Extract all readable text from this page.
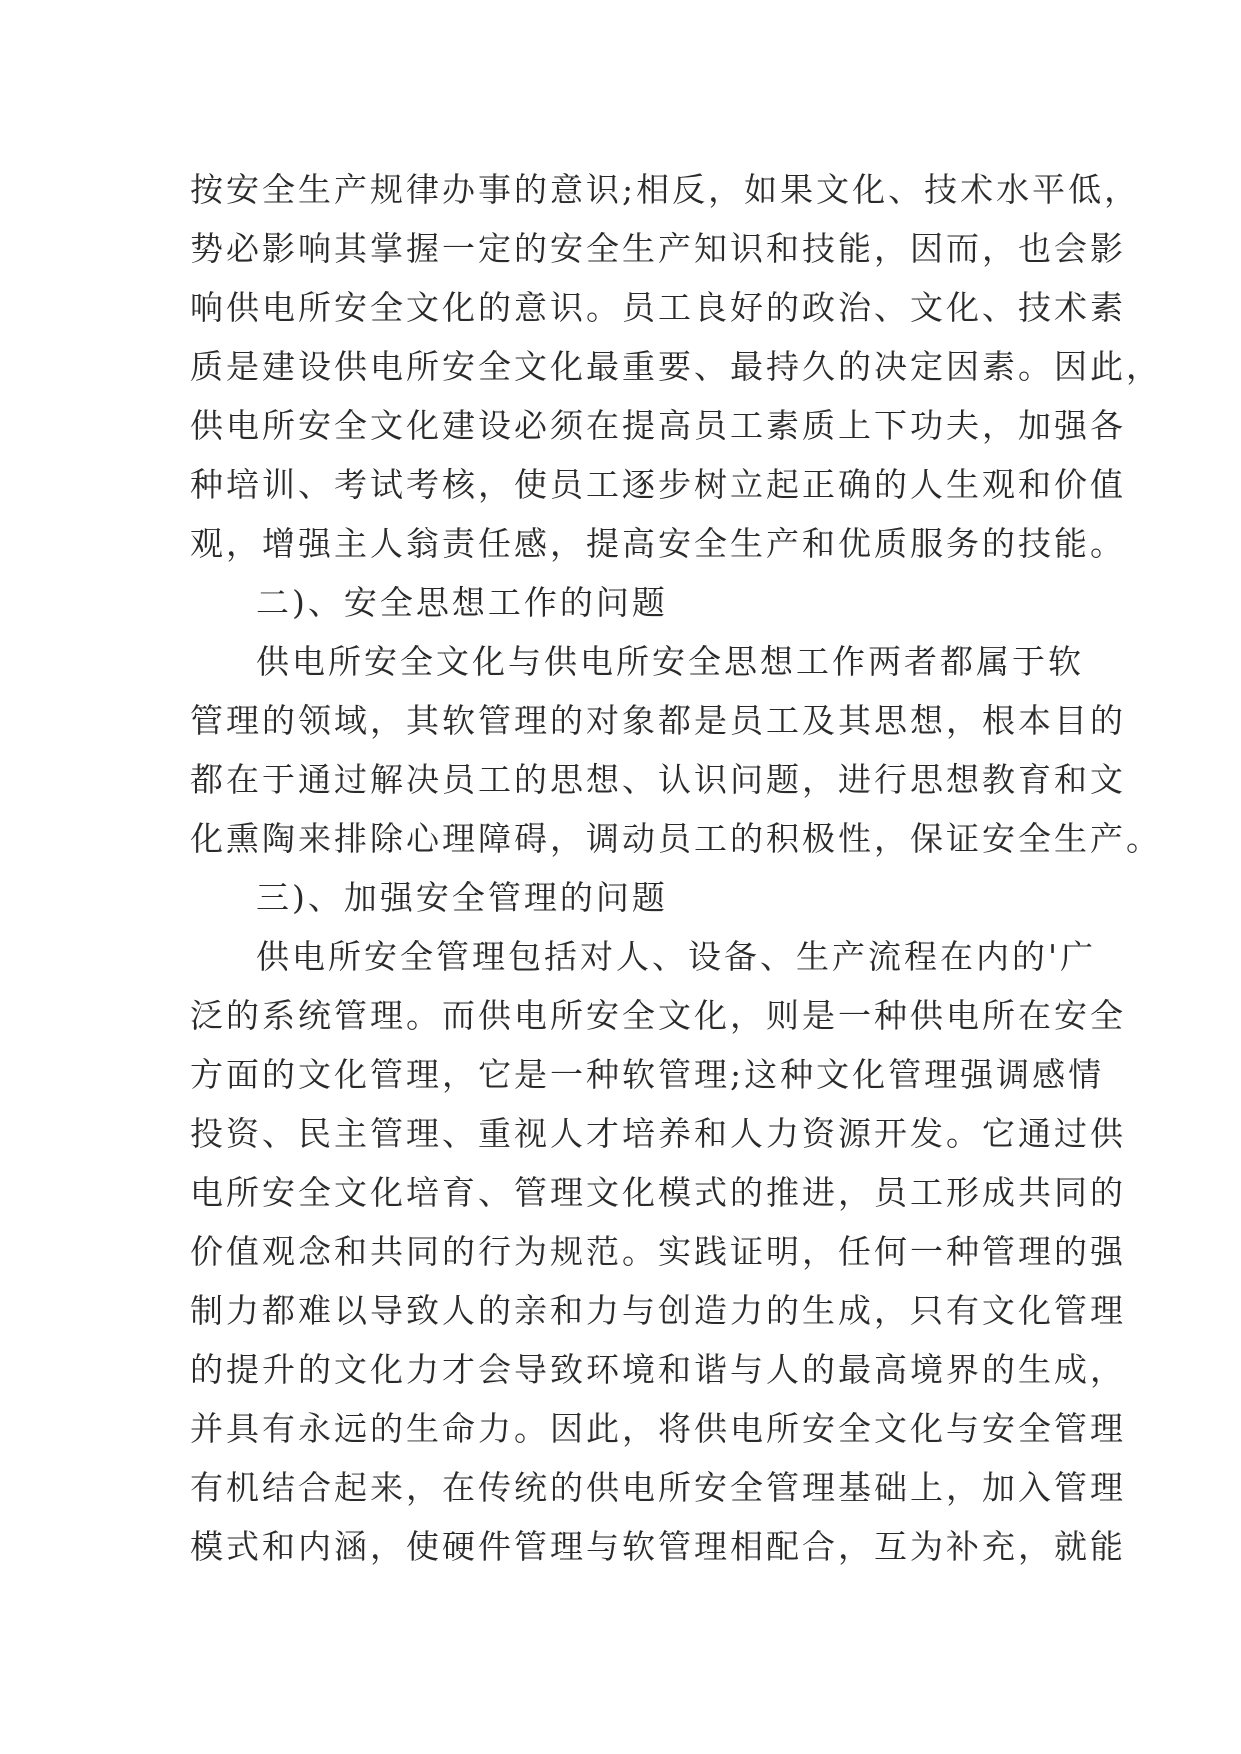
按安全生产规律办事的意识;相反，如果文化、技术水平低，
势必影响其掌握一定的安全生产知识和技能，因而，也会影
响供电所安全文化的意识。员工良好的政治、文化、技术素
质是建设供电所安全文化最重要、最持久的决定因素。因此，
供电所安全文化建设必须在提高员工素质上下功夫，加强各
种培训、考试考核，使员工逐步树立起正确的人生观和价值
观，增强主人翁责任感，提高安全生产和优质服务的技能。
二)、安全思想工作的问题
供电所安全文化与供电所安全思想工作两者都属于软
管理的领域，其软管理的对象都是员工及其思想，根本目的
都在于通过解决员工的思想、认识问题，进行思想教育和文
化熏陶来排除心理障碍，调动员工的积极性，保证安全生产。
三)、加强安全管理的问题
供电所安全管理包括对人、设备、生产流程在内的'广
泛的系统管理。而供电所安全文化，则是一种供电所在安全
方面的文化管理，它是一种软管理;这种文化管理强调感情
投资、民主管理、重视人才培养和人力资源开发。它通过供
电所安全文化培育、管理文化模式的推进，员工形成共同的
价值观念和共同的行为规范。实践证明，任何一种管理的强
制力都难以导致人的亲和力与创造力的生成，只有文化管理
的提升的文化力才会导致环境和谐与人的最高境界的生成，
并具有永远的生命力。因此，将供电所安全文化与安全管理
有机结合起来，在传统的供电所安全管理基础上，加入管理
模式和内涵，使硬件管理与软管理相配合，互为补充，就能
